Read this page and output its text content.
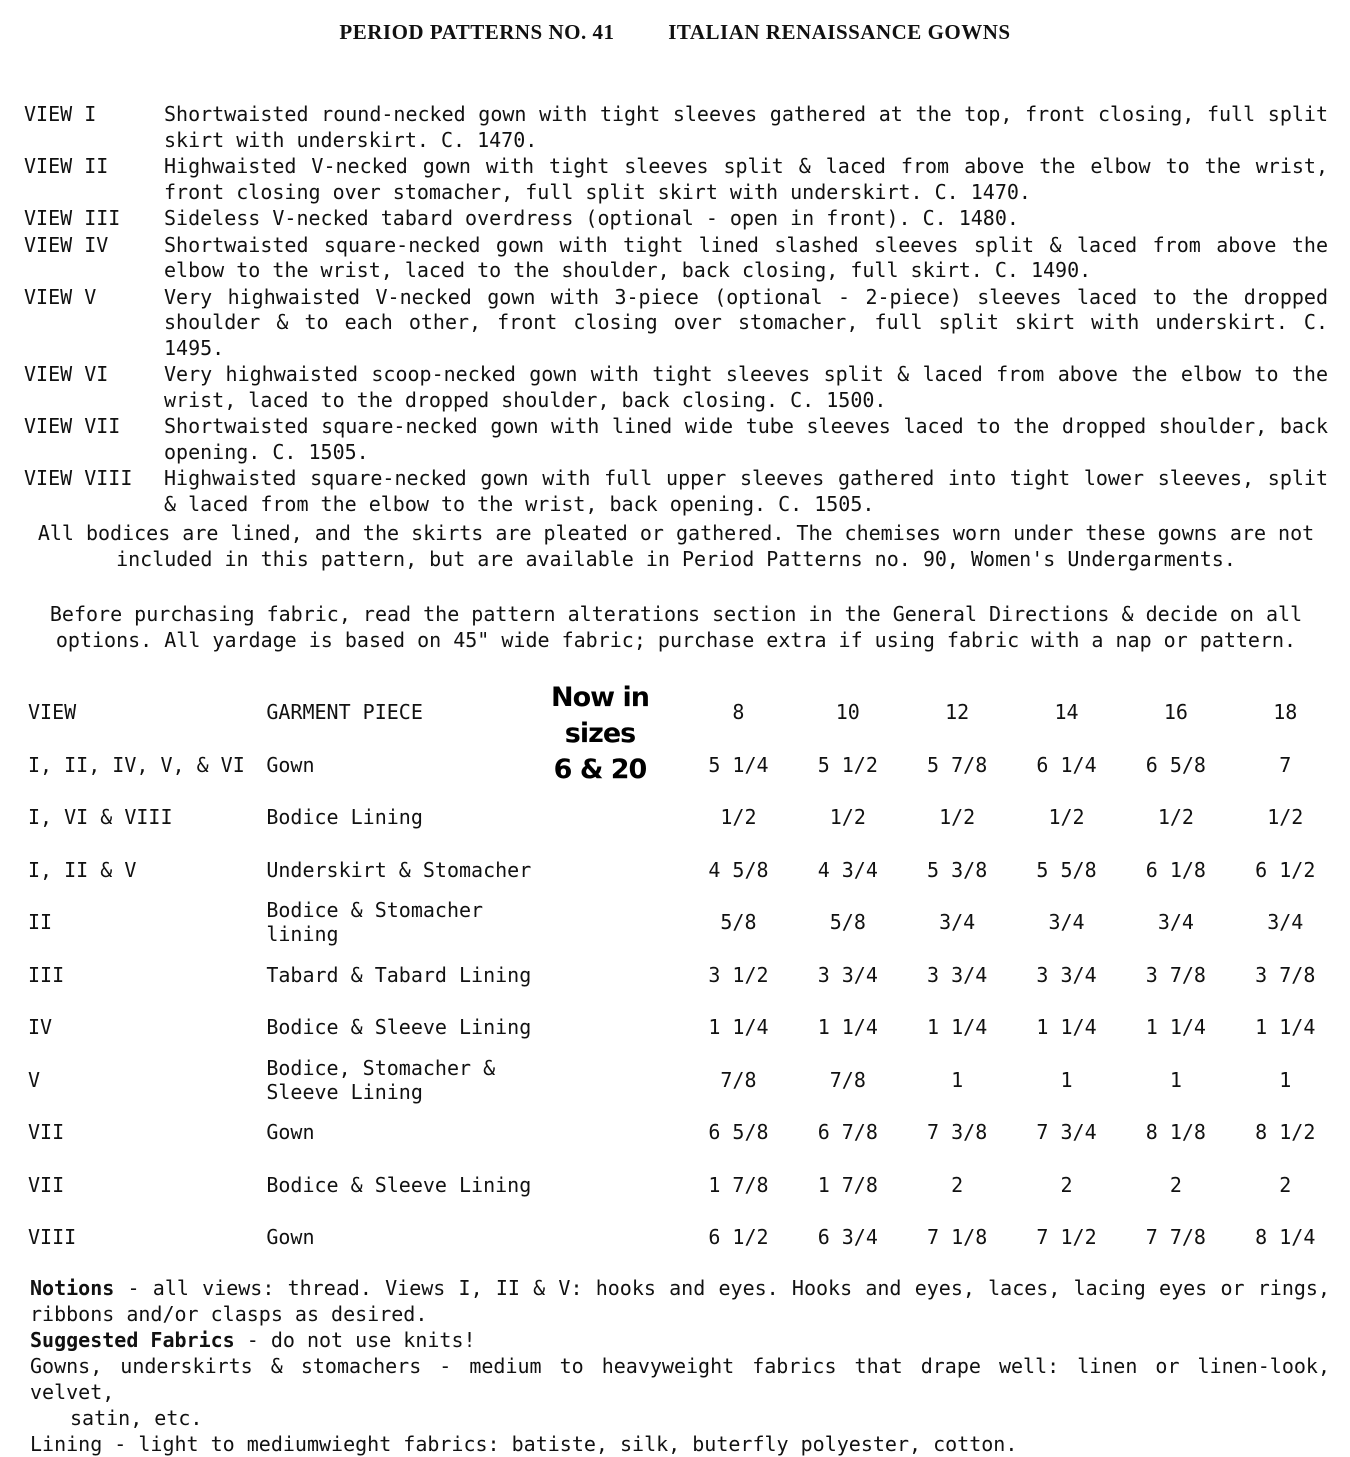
PERIOD PATTERNS NO. 41	ITALIAN RENAISSANCE GOWNS
VIEW I	Shortwaisted round-necked gown with tight sleeves gathered at the top, front closing, full split skirt with underskirt. C. 1470.
VIEW II	Highwaisted V-necked gown with tight sleeves split & laced from above the elbow to the wrist, front closing over stomacher, full split skirt with underskirt. C. 1470.
VIEW III	Sideless V-necked tabard overdress (optional - open in front). C. 1480.
VIEW IV	Shortwaisted square-necked gown with tight lined slashed sleeves split & laced from above the elbow to the wrist, laced to the shoulder, back closing, full skirt. C. 1490.
VIEW V	Very highwaisted V-necked gown with 3-piece (optional - 2-piece) sleeves laced to the dropped shoulder & to each other, front closing over stomacher, full split skirt with underskirt. C. 1495.
VIEW VI	Very highwaisted scoop-necked gown with tight sleeves split & laced from above the elbow to the wrist, laced to the dropped shoulder, back closing. C. 1500.
VIEW VII	Shortwaisted square-necked gown with lined wide tube sleeves laced to the dropped shoulder, back opening. C. 1505.
VIEW VIII	Highwaisted square-necked gown with full upper sleeves gathered into tight lower sleeves, split & laced from the elbow to the wrist, back opening. C. 1505.
All bodices are lined, and the skirts are pleated or gathered. The chemises worn under these gowns are not included in this pattern, but are available in Period Patterns no. 90, Women's Undergarments.
Before purchasing fabric, read the pattern alterations section in the General Directions & decide on all options. All yardage is based on 45" wide fabric; purchase extra if using fabric with a nap or pattern.
Now in
sizes
6 & 20
VIEW	GARMENT PIECE		8	10	12	14	16	18
I, II, IV, V, & VI	Gown		5 1/4	5 1/2	5 7/8	6 1/4	6 5/8	7
I, VI & VIII	Bodice Lining		1/2	1/2	1/2	1/2	1/2	1/2
I, II & V	Underskirt & Stomacher		4 5/8	4 3/4	5 3/8	5 5/8	6 1/8	6 1/2
II	Bodice & Stomacher lining		5/8	5/8	3/4	3/4	3/4	3/4
III	Tabard & Tabard Lining		3 1/2	3 3/4	3 3/4	3 3/4	3 7/8	3 7/8
IV	Bodice & Sleeve Lining		1 1/4	1 1/4	1 1/4	1 1/4	1 1/4	1 1/4
V	Bodice, Stomacher & Sleeve Lining		7/8	7/8	1	1	1	1
VII	Gown		6 5/8	6 7/8	7 3/8	7 3/4	8 1/8	8 1/2
VII	Bodice & Sleeve Lining		1 7/8	1 7/8	2	2	2	2
VIII	Gown		6 1/2	6 3/4	7 1/8	7 1/2	7 7/8	8 1/4
Notions - all views: thread. Views I, II & V: hooks and eyes. Hooks and eyes, laces, lacing eyes or rings, ribbons and/or clasps as desired.
Suggested Fabrics - do not use knits!
Gowns, underskirts & stomachers - medium to heavyweight fabrics that drape well: linen or linen-look, velvet,
satin, etc.
Lining - light to mediumwieght fabrics: batiste, silk, buterfly polyester, cotton.
